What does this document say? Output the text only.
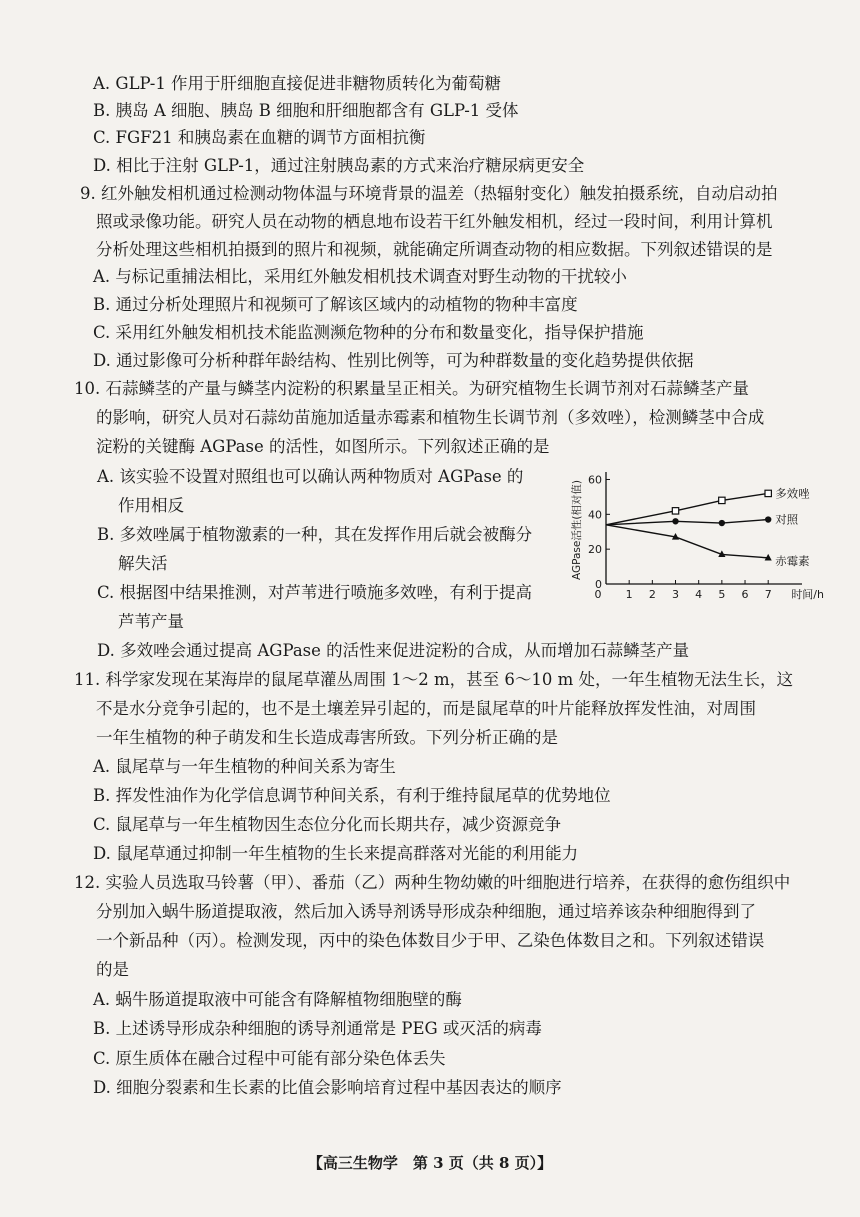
A. GLP-1 作用于肝细胞直接促进非糖物质转化为葡萄糖
B. 胰岛 A 细胞、胰岛 B 细胞和肝细胞都含有 GLP-1 受体
C. FGF21 和胰岛素在血糖的调节方面相抗衡
D. 相比于注射 GLP-1，通过注射胰岛素的方式来治疗糖尿病更安全
9. 红外触发相机通过检测动物体温与环境背景的温差（热辐射变化）触发拍摄系统，自动启动拍
照或录像功能。研究人员在动物的栖息地布设若干红外触发相机，经过一段时间，利用计算机
分析处理这些相机拍摄到的照片和视频，就能确定所调查动物的相应数据。下列叙述错误的是
A. 与标记重捕法相比，采用红外触发相机技术调查对野生动物的干扰较小
B. 通过分析处理照片和视频可了解该区域内的动植物的物种丰富度
C. 采用红外触发相机技术能监测濒危物种的分布和数量变化，指导保护措施
D. 通过影像可分析种群年龄结构、性别比例等，可为种群数量的变化趋势提供依据
10. 石蒜鳞茎的产量与鳞茎内淀粉的积累量呈正相关。为研究植物生长调节剂对石蒜鳞茎产量
的影响，研究人员对石蒜幼苗施加适量赤霉素和植物生长调节剂（多效唑），检测鳞茎中合成
淀粉的关键酶 AGPase 的活性，如图所示。下列叙述正确的是
A. 该实验不设置对照组也可以确认两种物质对 AGPase 的
作用相反
B. 多效唑属于植物激素的一种，其在发挥作用后就会被酶分
解失活
C. 根据图中结果推测，对芦苇进行喷施多效唑，有利于提高
芦苇产量
D. 多效唑会通过提高 AGPase 的活性来促进淀粉的合成，从而增加石蒜鳞茎产量
0
20
40
60
0 1 2 3 4 5 6 7 时间/h
AGPase活性(相对值)	多效唑
对照
赤霉素
11. 科学家发现在某海岸的鼠尾草灌丛周围 1～2 m，甚至 6～10 m 处，一年生植物无法生长，这
不是水分竞争引起的，也不是土壤差异引起的，而是鼠尾草的叶片能释放挥发性油，对周围
一年生植物的种子萌发和生长造成毒害所致。下列分析正确的是
A. 鼠尾草与一年生植物的种间关系为寄生
B. 挥发性油作为化学信息调节种间关系，有利于维持鼠尾草的优势地位
C. 鼠尾草与一年生植物因生态位分化而长期共存，减少资源竞争
D. 鼠尾草通过抑制一年生植物的生长来提高群落对光能的利用能力
12. 实验人员选取马铃薯（甲）、番茄（乙）两种生物幼嫩的叶细胞进行培养，在获得的愈伤组织中
分别加入蜗牛肠道提取液，然后加入诱导剂诱导形成杂种细胞，通过培养该杂种细胞得到了
一个新品种（丙）。检测发现，丙中的染色体数目少于甲、乙染色体数目之和。下列叙述错误
的是
A. 蜗牛肠道提取液中可能含有降解植物细胞壁的酶
B. 上述诱导形成杂种细胞的诱导剂通常是 PEG 或灭活的病毒
C. 原生质体在融合过程中可能有部分染色体丢失
D. 细胞分裂素和生长素的比值会影响培育过程中基因表达的顺序
【高三生物学　第 3 页（共 8 页）】
